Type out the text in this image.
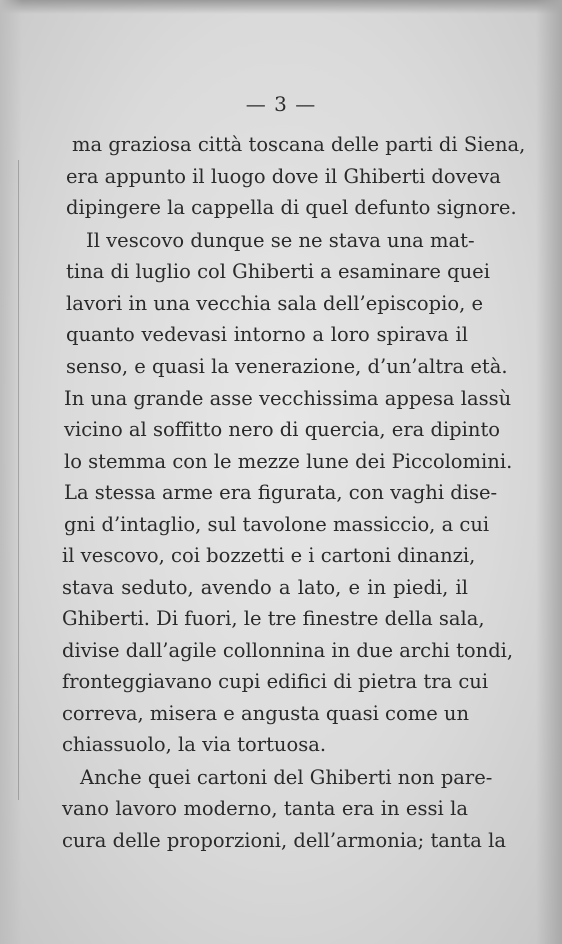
— 3 —
ma graziosa città toscana delle parti di Siena,
era appunto il luogo dove il Ghiberti doveva
dipingere la cappella di quel defunto signore.
Il vescovo dunque se ne stava una mat-
tina di luglio col Ghiberti a esaminare quei
lavori in una vecchia sala dell’episcopio, e
quanto vedevasi intorno a loro spirava il
senso, e quasi la venerazione, d’un’altra età.
In una grande asse vecchissima appesa lassù
vicino al soffitto nero di quercia, era dipinto
lo stemma con le mezze lune dei Piccolomini.
La stessa arme era figurata, con vaghi dise-
gni d’intaglio, sul tavolone massiccio, a cui
il vescovo, coi bozzetti e i cartoni dinanzi,
stava seduto, avendo a lato, e in piedi, il
Ghiberti. Di fuori, le tre finestre della sala,
divise dall’agile collonnina in due archi tondi,
fronteggiavano cupi edifici di pietra tra cui
correva, misera e angusta quasi come un
chiassuolo, la via tortuosa.
Anche quei cartoni del Ghiberti non pare-
vano lavoro moderno, tanta era in essi la
cura delle proporzioni, dell’armonia; tanta la
